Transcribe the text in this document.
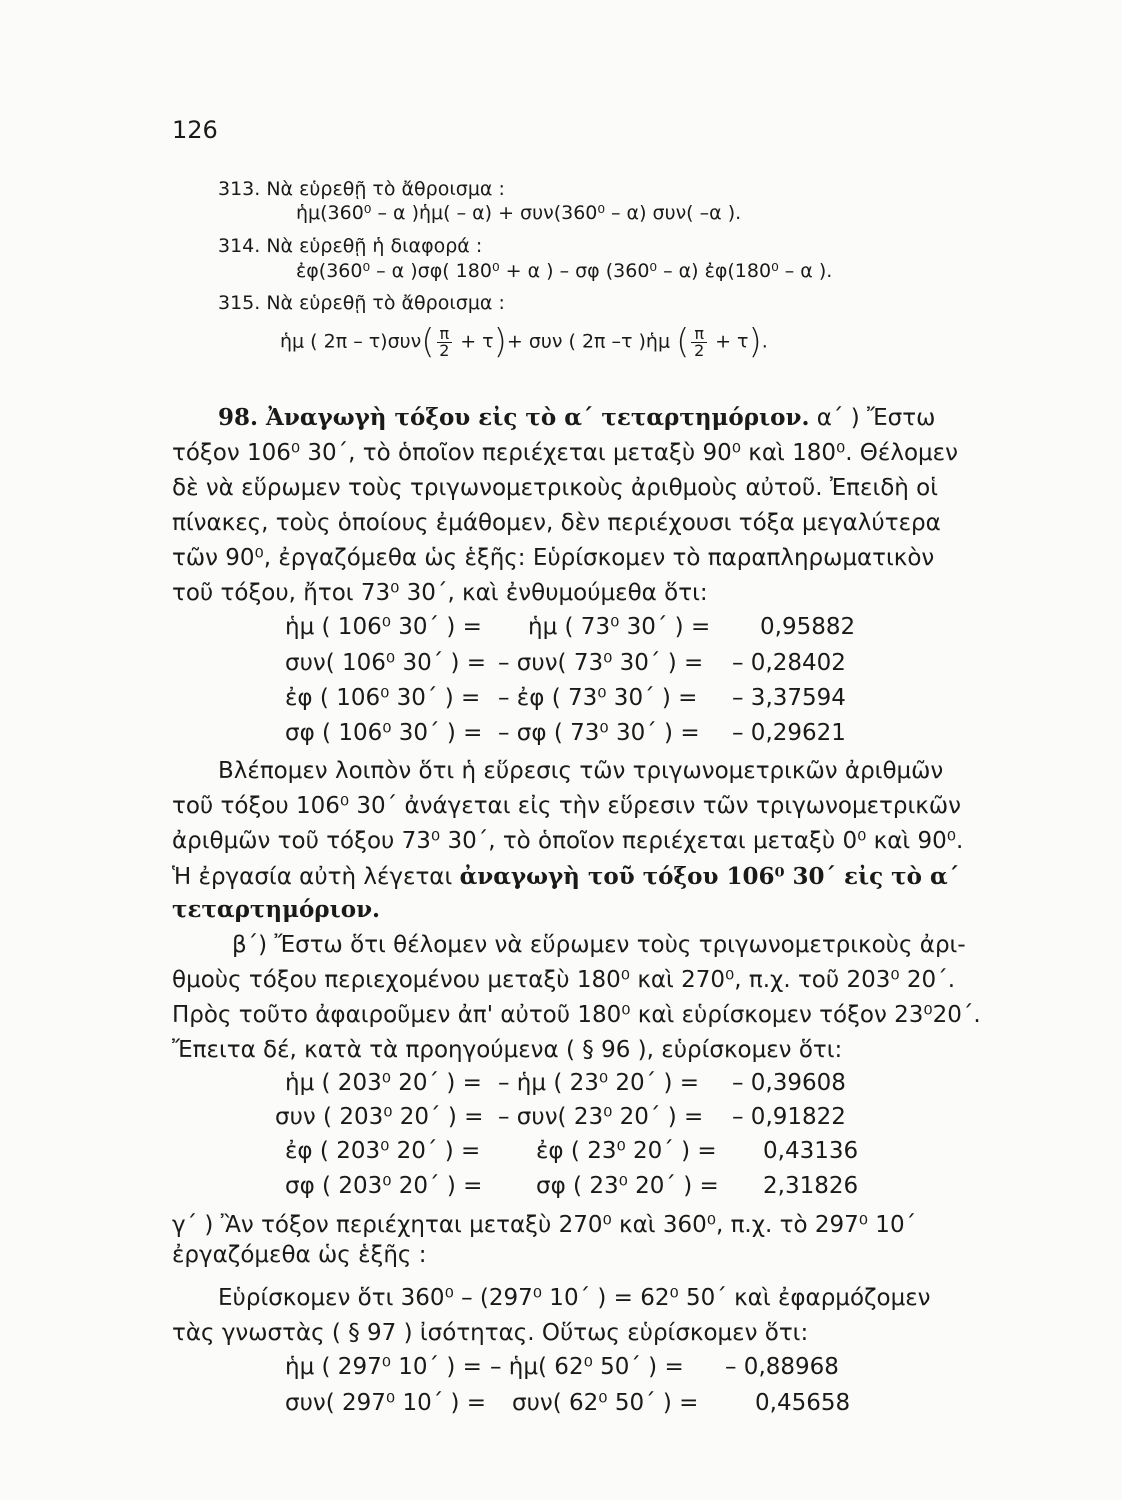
126
313. Νὰ εὑρεθῇ τὸ ἄθροισμα :
ἡμ(360⁰ – α )ἡμ( – α) + συν(360⁰ – α) συν( –α ).
314. Νὰ εὑρεθῇ ἡ διαφορά :
ἐφ(360⁰ – α )σφ( 180⁰ + α ) – σφ (360⁰ – α) ἐφ(180⁰ – α ).
315. Νὰ εὑρεθῇ τὸ ἄθροισμα :
ἡμ ( $2\pi - \tau)\sigma\upsilon\nu( \frac{\pi}{2} + \tau)+ \sigma\upsilon\nu$ ( 2π –τ )ἡμ ( $\frac{\pi}{2} + \tau$).
98. Ἀναγωγὴ τόξου εἰς τὸ α΄ τεταρτημόριον. α΄ ) Ἔστω
τόξον 106⁰ 30΄, τὸ ὁποῖον περιέχεται μεταξὺ 90⁰ καὶ 180⁰. Θέλομεν
δὲ νὰ εὕρωμεν τοὺς τριγωνομετρικοὺς ἀριθμοὺς αὐτοῦ. Ἐπειδὴ οἱ
πίνακες, τοὺς ὁποίους ἐμάθομεν, δὲν περιέχουσι τόξα μεγαλύτερα
τῶν 90⁰, ἐργαζόμεθα ὡς ἑξῆς: Εὑρίσκομεν τὸ παραπληρωματικὸν
τοῦ τόξου, ἤτοι 73⁰ 30΄, καὶ ἐνθυμούμεθα ὅτι:
ἡμ ( 106⁰ 30΄ ) = ἡμ ( 73⁰ 30΄ ) = 0,95882
συν( 106⁰ 30΄ ) = – συν( 73⁰ 30΄ ) = – 0,28402
ἐφ ( 106⁰ 30΄ ) = – ἐφ ( 73⁰ 30΄ ) = – 3,37594
σφ ( 106⁰ 30΄ ) = – σφ ( 73⁰ 30΄ ) = – 0,29621
Βλέπομεν λοιπὸν ὅτι ἡ εὕρεσις τῶν τριγωνομετρικῶν ἀριθμῶν
τοῦ τόξου 106⁰ 30΄ ἀνάγεται εἰς τὴν εὕρεσιν τῶν τριγωνομετρικῶν
ἀριθμῶν τοῦ τόξου 73⁰ 30΄, τὸ ὁποῖον περιέχεται μεταξὺ 0⁰ καὶ 90⁰.
Ἡ ἐργασία αὐτὴ λέγεται ἀναγωγὴ τοῦ τόξου 106⁰ 30΄ εἰς τὸ α΄
τεταρτημόριον.
β΄) Ἔστω ὅτι θέλομεν νὰ εὕρωμεν τοὺς τριγωνομετρικοὺς ἀρι-
θμοὺς τόξου περιεχομένου μεταξὺ 180⁰ καὶ 270⁰, π.χ. τοῦ 203⁰ 20΄.
Πρὸς τοῦτο ἀφαιροῦμεν ἀπ' αὐτοῦ 180⁰ καὶ εὑρίσκομεν τόξον 23⁰20΄.
Ἔπειτα δέ, κατὰ τὰ προηγούμενα ( § 96 ), εὑρίσκομεν ὅτι:
ἡμ ( 203⁰ 20΄ ) = – ἡμ ( 23⁰ 20΄ ) = – 0,39608
συν ( 203⁰ 20΄ ) = – συν( 23⁰ 20΄ ) = – 0,91822
ἐφ ( 203⁰ 20΄ ) = ἐφ ( 23⁰ 20΄ ) = 0,43136
σφ ( 203⁰ 20΄ ) = σφ ( 23⁰ 20΄ ) = 2,31826
γ΄ ) Ἂν τόξον περιέχηται μεταξὺ 270⁰ καὶ 360⁰, π.χ. τὸ 297⁰ 10΄
ἐργαζόμεθα ὡς ἑξῆς :
Εὑρίσκομεν ὅτι 360⁰ – (297⁰ 10΄ ) = 62⁰ 50΄ καὶ ἐφαρμόζομεν
τὰς γνωστὰς ( § 97 ) ἰσότητας. Οὕτως εὑρίσκομεν ὅτι:
ἡμ ( 297⁰ 10΄ ) = – ἡμ( 62⁰ 50΄ ) = – 0,88968
συν( 297⁰ 10΄ ) = συν( 62⁰ 50΄ ) = 0,45658
